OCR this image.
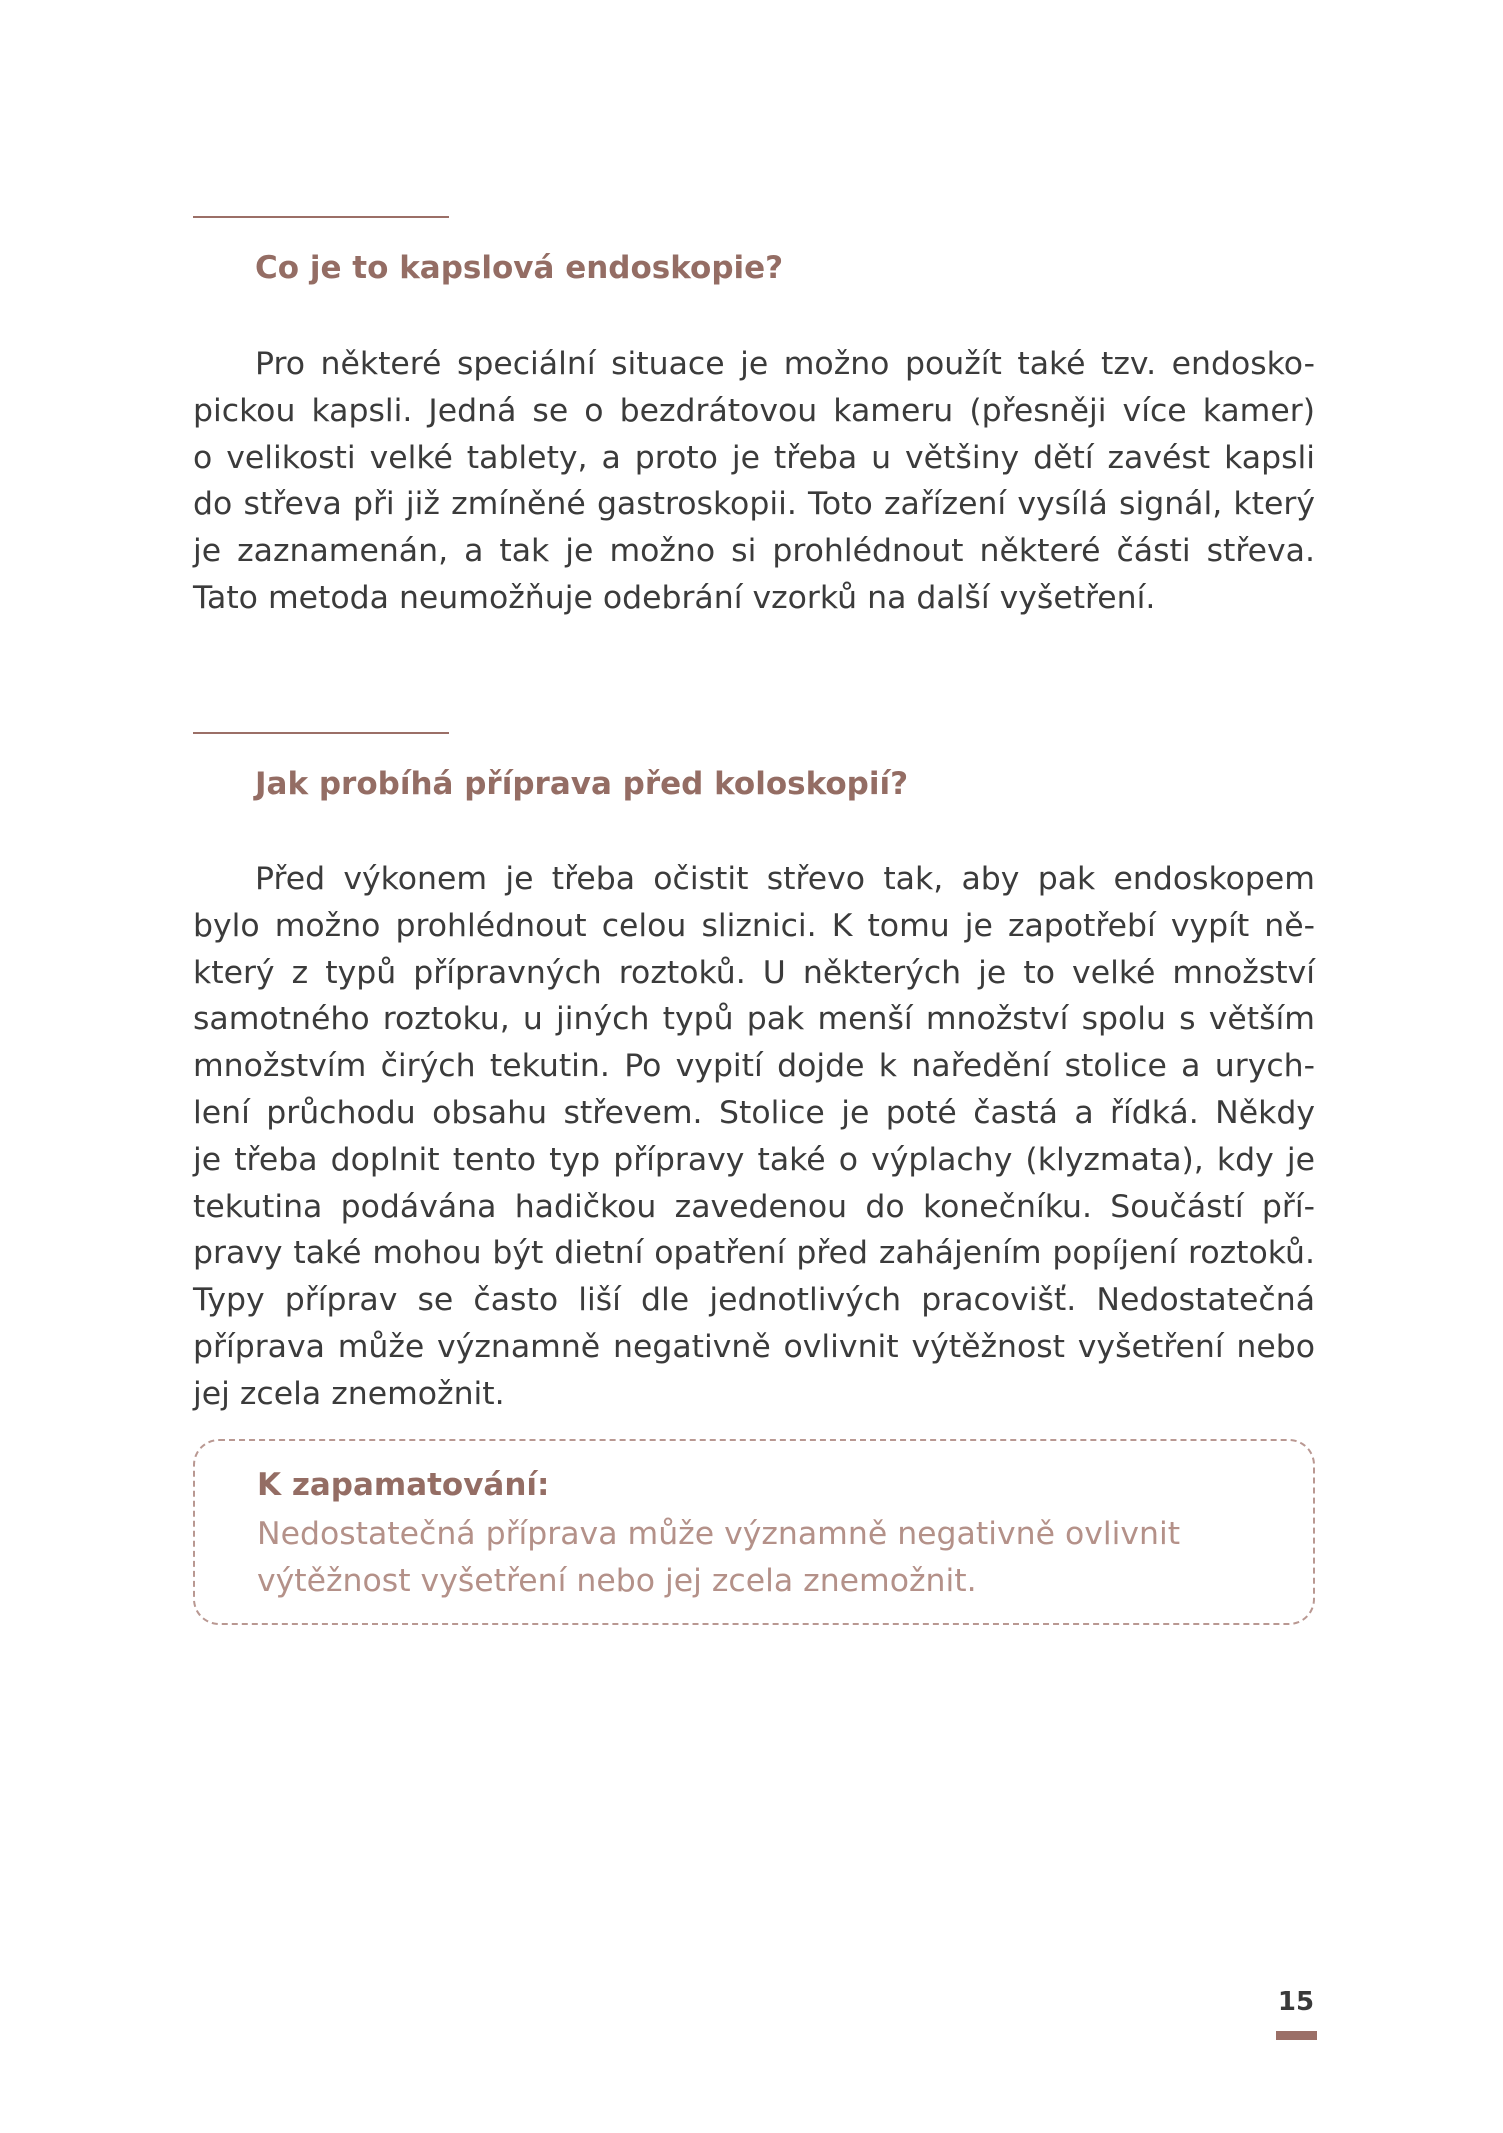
Co je to kapslová endoskopie?
Pro některé speciální situace je možno použít také tzv. endosko-
pickou kapsli. Jedná se o bezdrátovou kameru (přesněji více kamer)
o velikosti velké tablety, a proto je třeba u většiny dětí zavést kapsli
do střeva při již zmíněné gastroskopii. Toto zařízení vysílá signál, který
je zaznamenán, a tak je možno si prohlédnout některé části střeva.
Tato metoda neumožňuje odebrání vzorků na další vyšetření.
Jak probíhá příprava před koloskopií?
Před výkonem je třeba očistit střevo tak, aby pak endoskopem
bylo možno prohlédnout celou sliznici. K tomu je zapotřebí vypít ně-
který z typů přípravných roztoků. U některých je to velké množství
samotného roztoku, u jiných typů pak menší množství spolu s větším
množstvím čirých tekutin. Po vypití dojde k naředění stolice a urych-
lení průchodu obsahu střevem. Stolice je poté častá a řídká. Někdy
je třeba doplnit tento typ přípravy také o výplachy (klyzmata), kdy je
tekutina podávána hadičkou zavedenou do konečníku. Součástí pří-
pravy také mohou být dietní opatření před zahájením popíjení roztoků.
Typy příprav se často liší dle jednotlivých pracovišť. Nedostatečná
příprava může významně negativně ovlivnit výtěžnost vyšetření nebo
jej zcela znemožnit.
K zapamatování:
Nedostatečná příprava může významně negativně ovlivnit
výtěžnost vyšetření nebo jej zcela znemožnit.
15
